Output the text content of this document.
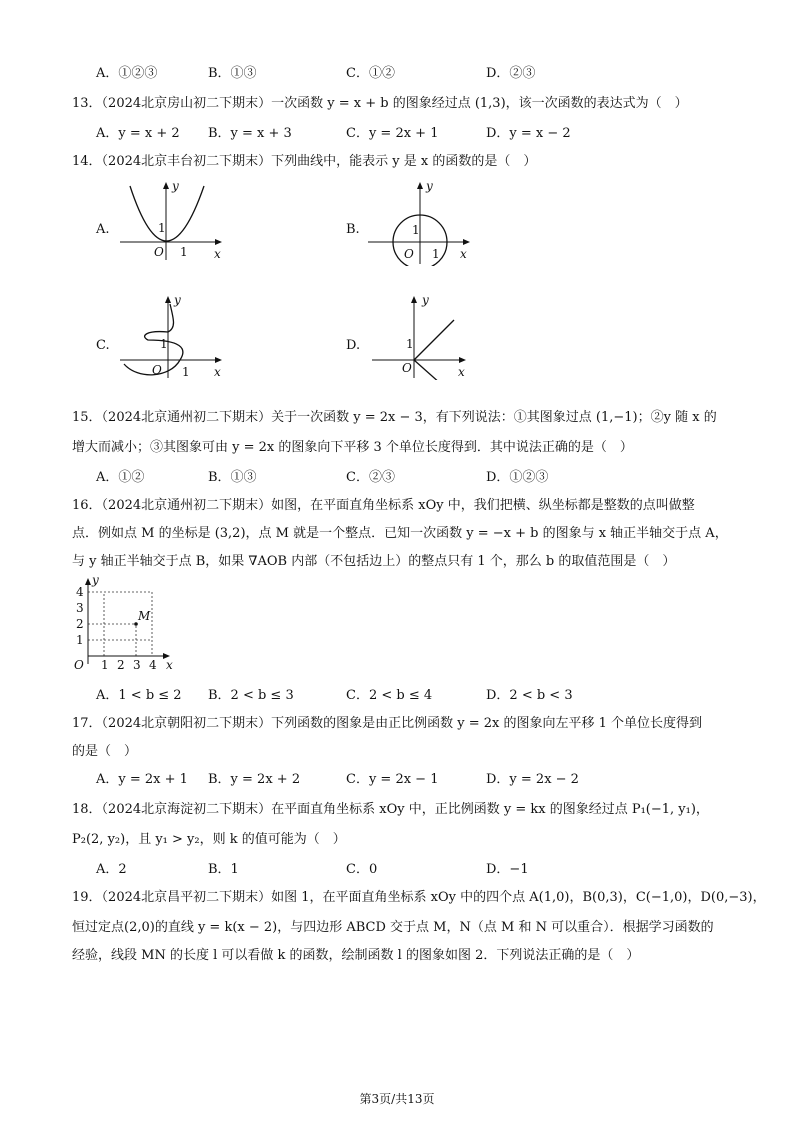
A．①②③	B．①③	C．①②	D．②③
13．（2024北京房山初二下期末）一次函数 y = x + b 的图象经过点 (1,3)，该一次函数的表达式为（　）
A．y = x + 2 B．y = x + 3	C．y = 2x + 1	D．y = x − 2
14．（2024北京丰台初二下期末）下列曲线中，能表示 y 是 x 的函数的是（　）
A.
y
x
O
1
1
B.
y
x
O
1
1
C.
y
x
O
1
1
D.
y
x
O
1
15．（2024北京通州初二下期末）关于一次函数 y = 2x − 3，有下列说法：①其图象过点 (1,−1)；②y 随 x 的
增大而减小；③其图象可由 y = 2x 的图象向下平移 3 个单位长度得到．其中说法正确的是（　）
A．①②	B．①③	C．②③	D．①②③
16．（2024北京通州初二下期末）如图，在平面直角坐标系 xOy 中，我们把横、纵坐标都是整数的点叫做整
点．例如点 M 的坐标是 (3,2)，点 M 就是一个整点．已知一次函数 y = −x + b 的图象与 x 轴正半轴交于点 A，
与 y 轴正半轴交于点 B，如果 ∇AOB 内部（不包括边上）的整点只有 1 个，那么 b 的取值范围是（　）
y
x
O
M
1 2 3 4
1
2
3
4
A．1 < b ≤ 2 B．2 < b ≤ 3	C．2 < b ≤ 4	D．2 < b < 3
17．（2024北京朝阳初二下期末）下列函数的图象是由正比例函数 y = 2x 的图象向左平移 1 个单位长度得到
的是（　）
A．y = 2x + 1 B．y = 2x + 2	C．y = 2x − 1	D．y = 2x − 2
18．（2024北京海淀初二下期末）在平面直角坐标系 xOy 中，正比例函数 y = kx 的图象经过点 P₁(−1, y₁)，
P₂(2, y₂)，且 y₁ > y₂，则 k 的值可能为（　）
A．2	B．1	C．0	D．−1
19．（2024北京昌平初二下期末）如图 1，在平面直角坐标系 xOy 中的四个点 A(1,0)，B(0,3)，C(−1,0)，D(0,−3)，
恒过定点(2,0)的直线 y = k(x − 2)，与四边形 ABCD 交于点 M，N（点 M 和 N 可以重合）．根据学习函数的
经验，线段 MN 的长度 l 可以看做 k 的函数，绘制函数 l 的图象如图 2．下列说法正确的是（　）
第3页/共13页
